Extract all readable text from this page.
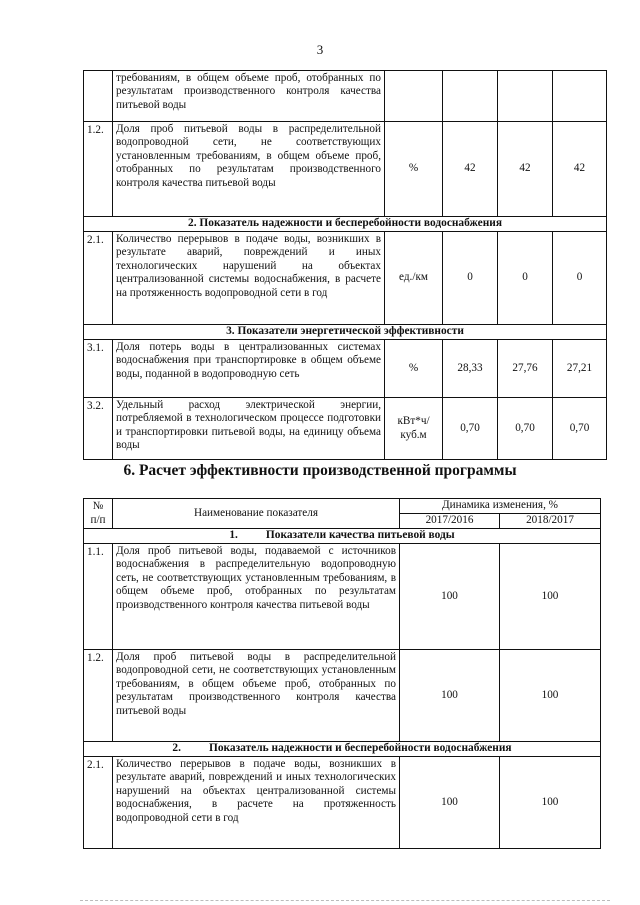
3
	требованиям, в общем объеме проб, отобранных по результатам производственного контроля качества питьевой воды				
1.2.	Доля проб питьевой воды в распределительной водопроводной сети, не соответствующих установленным требованиям, в общем объеме проб, отобранных по результатам производственного контроля качества питьевой воды	%	42	42	42
2. Показатель надежности и бесперебойности водоснабжения					
2.1.	Количество перерывов в подаче воды, возникших в результате аварий, повреждений и иных технологических нарушений на объектах централизованной системы водоснабжения, в расчете на протяженность водопроводной сети в год	ед./км	0	0	0
3. Показатели энергетической эффективности					
3.1.	Доля потерь воды в централизованных системах водоснабжения при транспортировке в общем объеме воды, поданной в водопроводную сеть	%	28,33	27,76	27,21
3.2.	Удельный расход электрической энергии, потребляемой в технологическом процессе подготовки и транспортировки питьевой воды, на единицу объема воды	кВт*ч/ куб.м	0,70	0,70	0,70
6. Расчет эффективности производственной программы
№ п/п	Наименование показателя	Динамика изменения, %	
		2017/2016	2018/2017
1. Показатели качества питьевой воды			
1.1.	Доля проб питьевой воды, подаваемой с источников водоснабжения в распределительную водопроводную сеть, не соответствующих установленным требованиям, в общем объеме проб, отобранных по результатам производственного контроля качества питьевой воды	100	100
1.2.	Доля проб питьевой воды в распределительной водопроводной сети, не соответствующих установленным требованиям, в общем объеме проб, отобранных по результатам производственного контроля качества питьевой воды	100	100
2. Показатель надежности и бесперебойности водоснабжения			
2.1.	Количество перерывов в подаче воды, возникших в результате аварий, повреждений и иных технологических нарушений на объектах централизованной системы водоснабжения, в расчете на протяженность водопроводной сети в год	100	100
